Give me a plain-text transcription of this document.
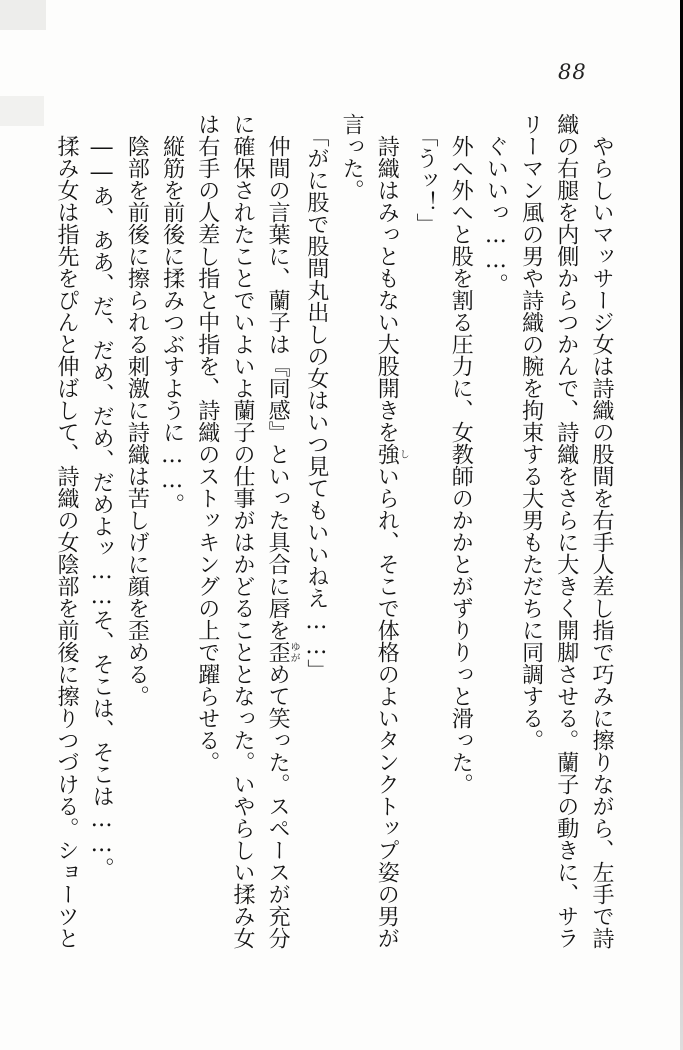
88

やらしいマッサージ女は詩織の股間を右手人差し指で巧みに擦りながら、左手で詩織の右腿を内側からつかんで、詩織をさらに大きく開脚させる。蘭子の動きに、サラリーマン風の男や詩織の腕を拘束する大男もただちに同調する。

ぐいいっ……。

外へ外へと股を割る圧力に、女教師のかかとがずりりっと滑った。

「うッ！」

詩織はみっともない大股開きを強しいられ、そこで体格のよいタンクトップ姿の男が言った。

「がに股で股間丸出しの女はいつ見てもいいねえ……」

仲間の言葉に、蘭子は『同感』といった具合に唇を歪ゆがめて笑った。スペースが充分に確保されたことでいよいよ蘭子の仕事がはかどることとなった。いやらしい揉み女は右手の人差し指と中指を、詩織のストッキングの上で躍らせる。

縦筋を前後に揉みつぶすように……。

陰部を前後に擦られる刺激に詩織は苦しげに顔を歪める。

――あ、ああ、だ、だめ、だめ、だめよッ……そ、そこは、そこは……。

揉み女は指先をぴんと伸ばして、詩織の女陰部を前後に擦りつづける。ショーツと
